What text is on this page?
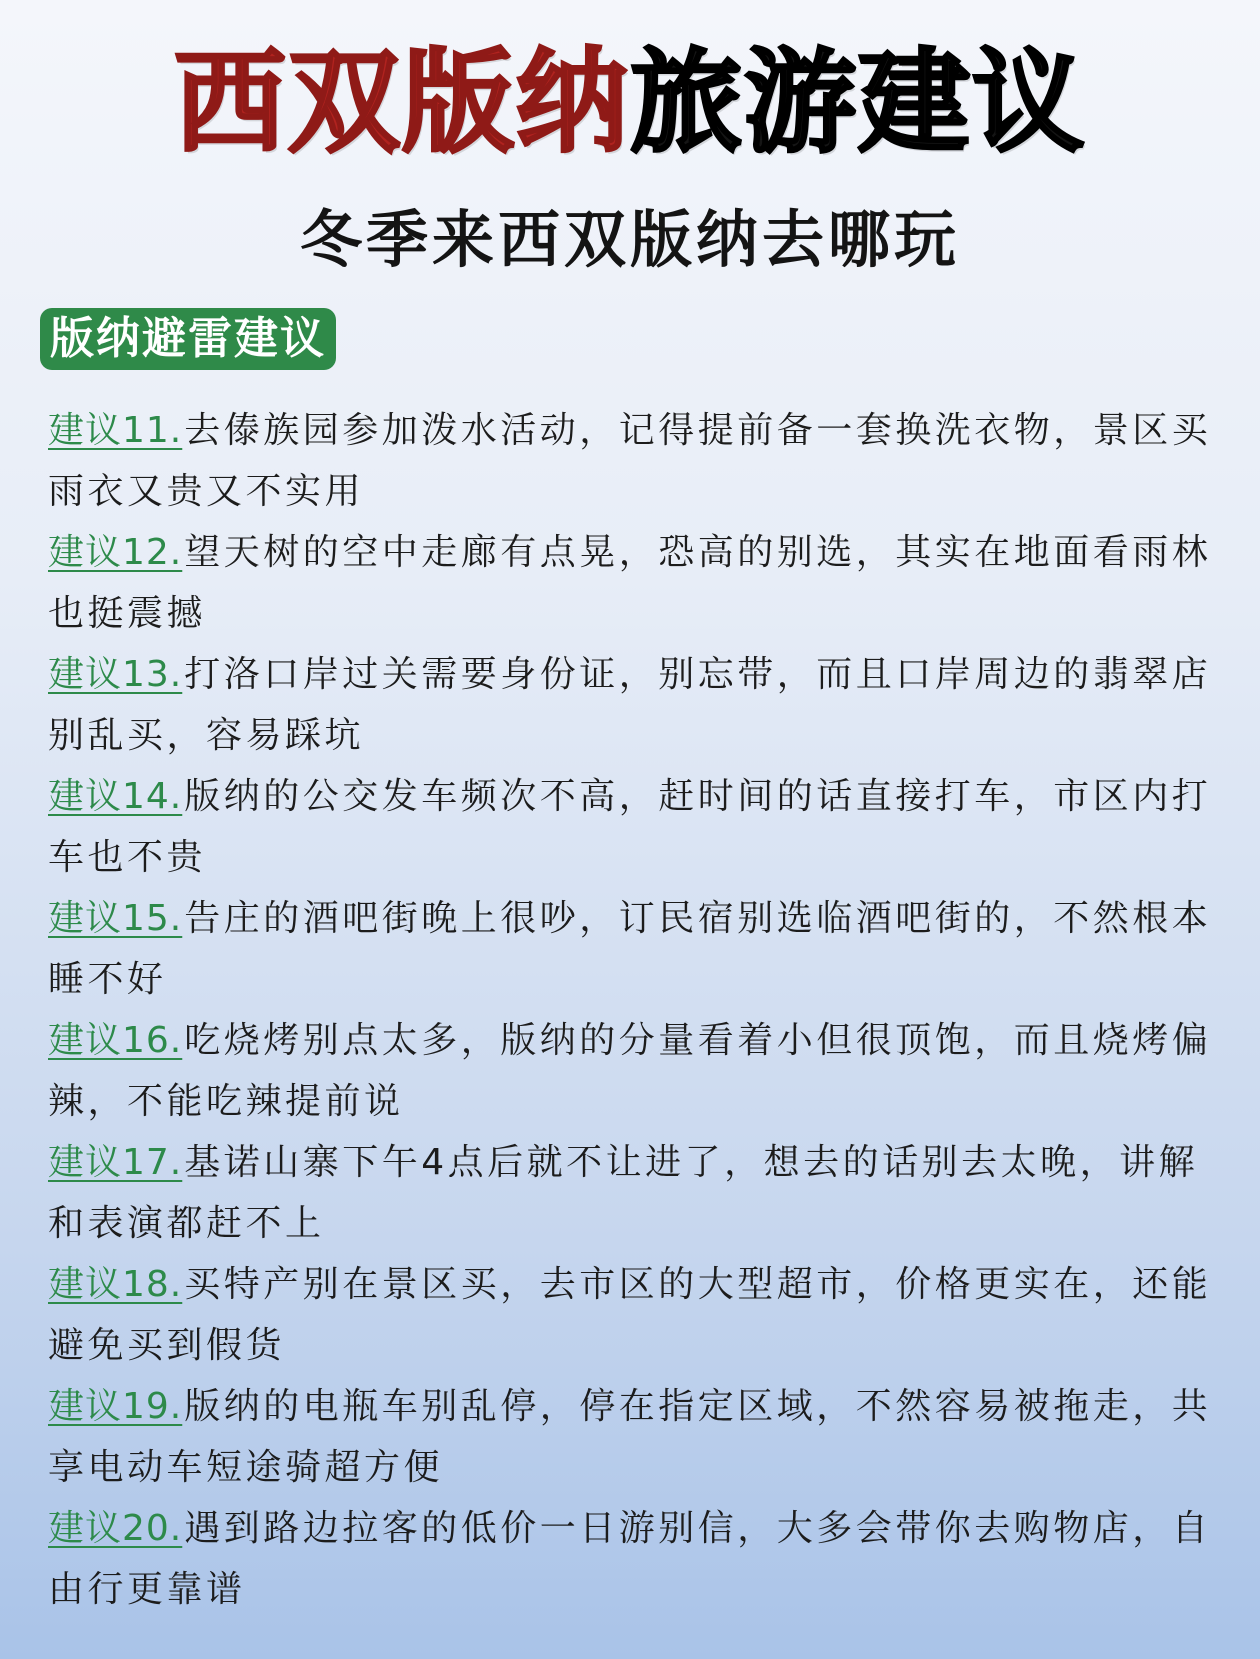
西双版纳旅游建议
冬季来西双版纳去哪玩
版纳避雷建议

建议11.去傣族园参加泼水活动，记得提前备一套换洗衣物，景区买雨衣又贵又不实用

建议12.望天树的空中走廊有点晃，恐高的别选，其实在地面看雨林也挺震撼

建议13.打洛口岸过关需要身份证，别忘带，而且口岸周边的翡翠店别乱买，容易踩坑

建议14.版纳的公交发车频次不高，赶时间的话直接打车，市区内打车也不贵

建议15.告庄的酒吧街晚上很吵，订民宿别选临酒吧街的，不然根本睡不好

建议16.吃烧烤别点太多，版纳的分量看着小但很顶饱，而且烧烤偏辣，不能吃辣提前说

建议17.基诺山寨下午4点后就不让进了，想去的话别去太晚，讲解和表演都赶不上

建议18.买特产别在景区买，去市区的大型超市，价格更实在，还能避免买到假货

建议19.版纳的电瓶车别乱停，停在指定区域，不然容易被拖走，共享电动车短途骑超方便

建议20.遇到路边拉客的低价一日游别信，大多会带你去购物店，自由行更靠谱
